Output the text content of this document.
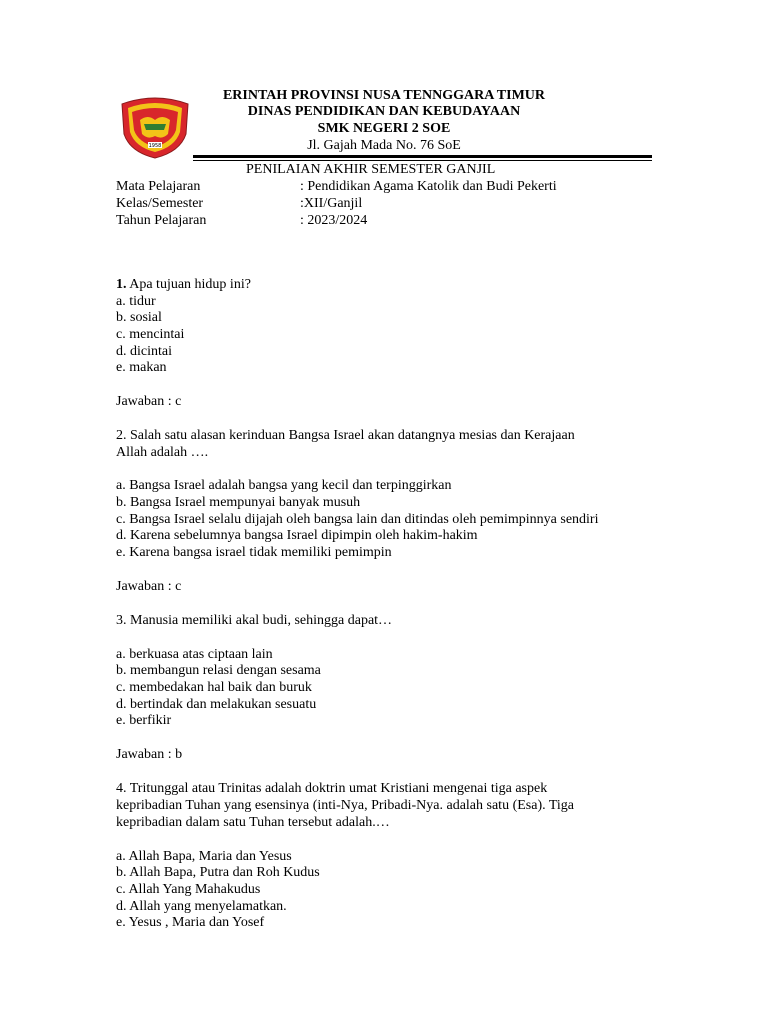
1958
ERINTAH PROVINSI NUSA TENNGGARA TIMUR
DINAS PENDIDIKAN DAN KEBUDAYAAN
SMK NEGERI 2 SOE
Jl. Gajah Mada No. 76 SoE
PENILAIAN AKHIR SEMESTER GANJIL
Mata Pelajaran	: Pendidikan Agama Katolik dan Budi Pekerti
Kelas/Semester	:XII/Ganjil
Tahun Pelajaran	: 2023/2024
1. Apa tujuan hidup ini?
a. tidur
b. sosial
c. mencintai
d. dicintai
e. makan
Jawaban : c
2. Salah satu alasan kerinduan Bangsa Israel akan datangnya mesias dan Kerajaan
Allah adalah ….
a. Bangsa Israel adalah bangsa yang kecil dan terpinggirkan
b. Bangsa Israel mempunyai banyak musuh
c. Bangsa Israel selalu dijajah oleh bangsa lain dan ditindas oleh pemimpinnya sendiri
d. Karena sebelumnya bangsa Israel dipimpin oleh hakim-hakim
e. Karena bangsa israel tidak memiliki pemimpin
Jawaban : c
3. Manusia memiliki akal budi, sehingga dapat…
a. berkuasa atas ciptaan lain
b. membangun relasi dengan sesama
c. membedakan hal baik dan buruk
d. bertindak dan melakukan sesuatu
e. berfikir
Jawaban : b
4. Tritunggal atau Trinitas adalah doktrin umat Kristiani mengenai tiga aspek
kepribadian Tuhan yang esensinya (inti-Nya, Pribadi-Nya. adalah satu (Esa). Tiga
kepribadian dalam satu Tuhan tersebut adalah.…
a. Allah Bapa, Maria dan Yesus
b. Allah Bapa, Putra dan Roh Kudus
c. Allah Yang Mahakudus
d. Allah yang menyelamatkan.
e. Yesus , Maria dan Yosef
